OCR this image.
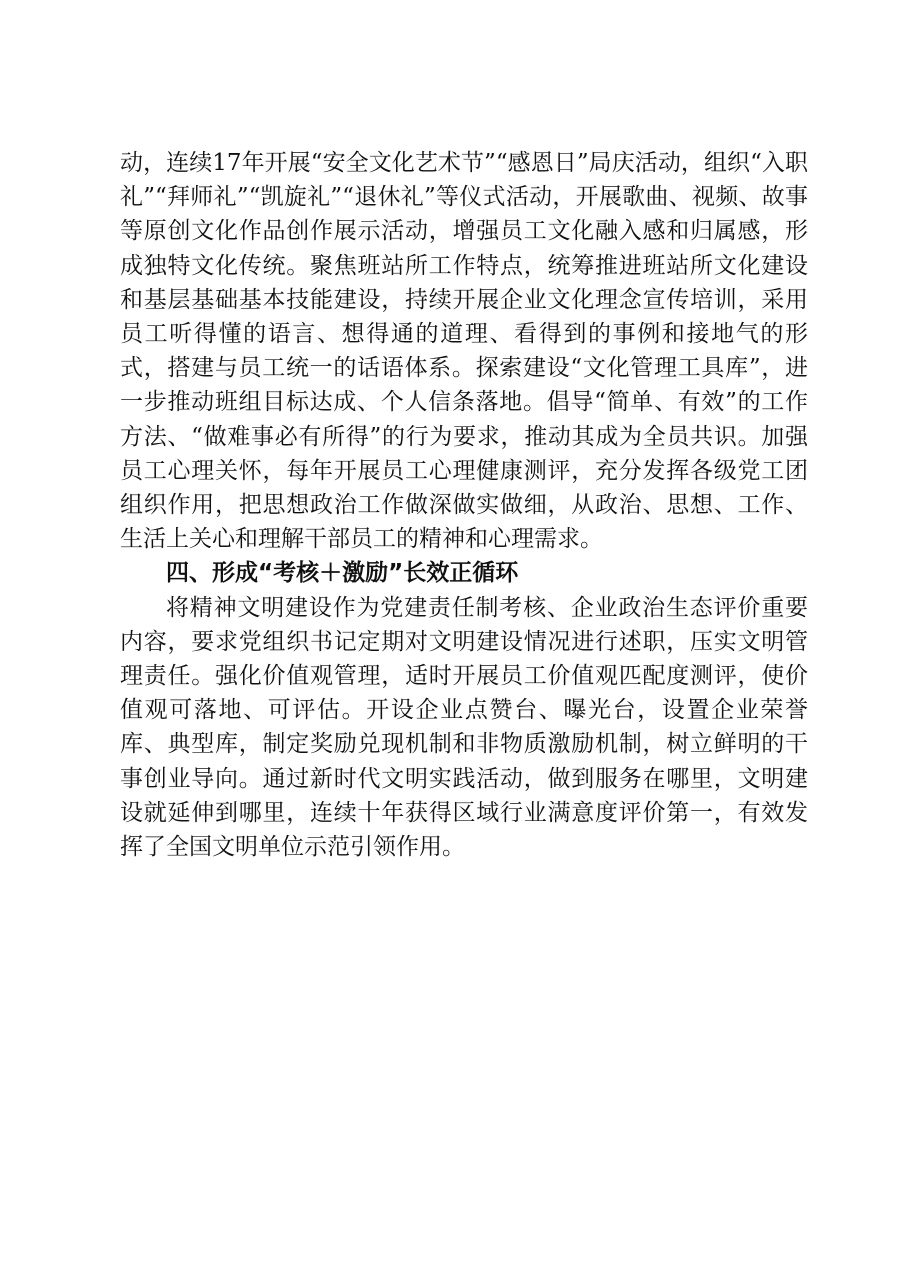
动，连续17年开展“安全文化艺术节”“感恩日”局庆活动，组织“入职礼”“拜师礼”“凯旋礼”“退休礼”等仪式活动，开展歌曲、视频、故事等原创文化作品创作展示活动，增强员工文化融入感和归属感，形成独特文化传统。聚焦班站所工作特点，统筹推进班站所文化建设和基层基础基本技能建设，持续开展企业文化理念宣传培训，采用员工听得懂的语言、想得通的道理、看得到的事例和接地气的形式，搭建与员工统一的话语体系。探索建设“文化管理工具库”，进一步推动班组目标达成、个人信条落地。倡导“简单、有效”的工作方法、“做难事必有所得”的行为要求，推动其成为全员共识。加强员工心理关怀，每年开展员工心理健康测评，充分发挥各级党工团组织作用，把思想政治工作做深做实做细，从政治、思想、工作、生活上关心和理解干部员工的精神和心理需求。

四、形成“考核＋激励”长效正循环

将精神文明建设作为党建责任制考核、企业政治生态评价重要内容，要求党组织书记定期对文明建设情况进行述职，压实文明管理责任。强化价值观管理，适时开展员工价值观匹配度测评，使价值观可落地、可评估。开设企业点赞台、曝光台，设置企业荣誉库、典型库，制定奖励兑现机制和非物质激励机制，树立鲜明的干事创业导向。通过新时代文明实践活动，做到服务在哪里，文明建设就延伸到哪里，连续十年获得区域行业满意度评价第一，有效发挥了全国文明单位示范引领作用。
